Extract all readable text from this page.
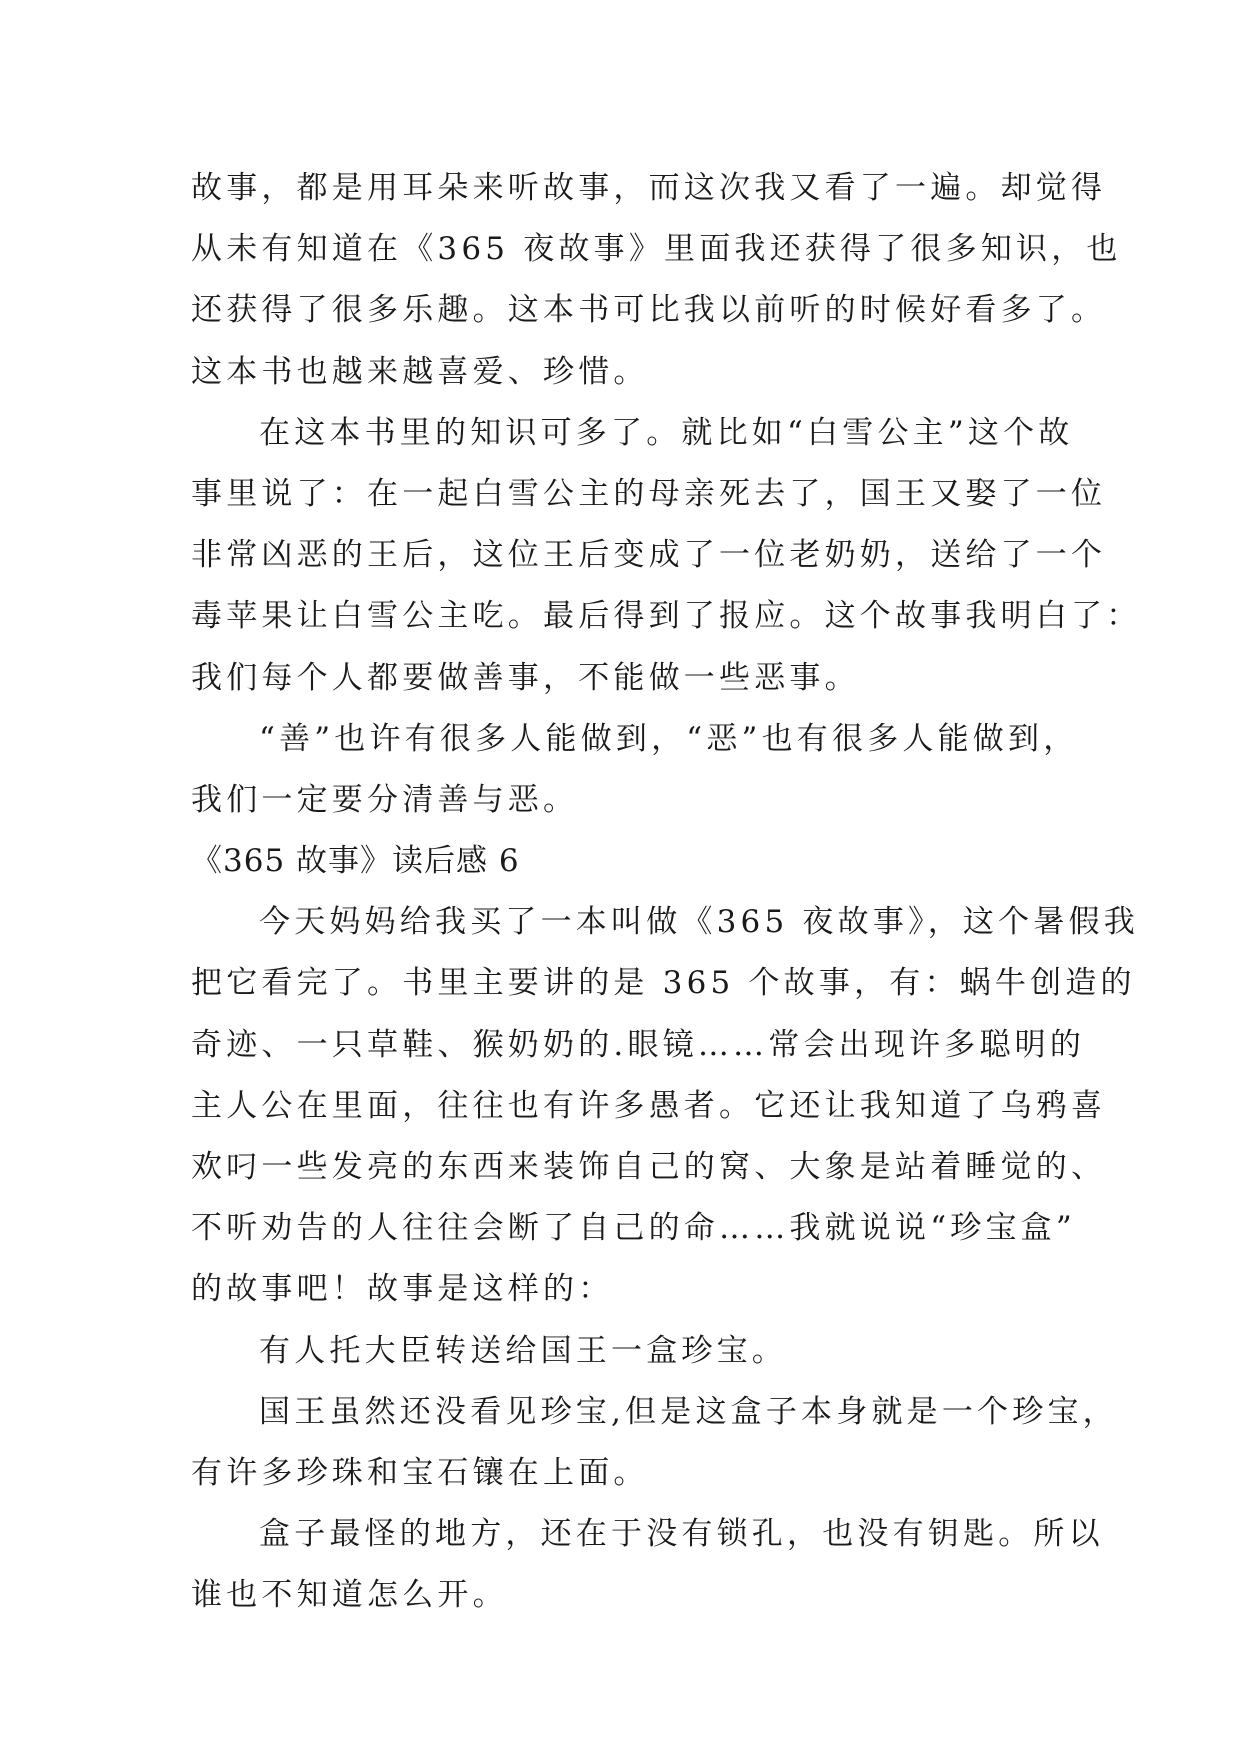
故事，都是用耳朵来听故事，而这次我又看了一遍。却觉得
从未有知道在《365 夜故事》里面我还获得了很多知识，也
还获得了很多乐趣。这本书可比我以前听的时候好看多了。
这本书也越来越喜爱、珍惜。
在这本书里的知识可多了。就比如“白雪公主”这个故
事里说了：在一起白雪公主的母亲死去了，国王又娶了一位
非常凶恶的王后，这位王后变成了一位老奶奶，送给了一个
毒苹果让白雪公主吃。最后得到了报应。这个故事我明白了：
我们每个人都要做善事，不能做一些恶事。
“善”也许有很多人能做到，“恶”也有很多人能做到，
我们一定要分清善与恶。
《365 故事》读后感 6
今天妈妈给我买了一本叫做《365 夜故事》，这个暑假我
把它看完了。书里主要讲的是 365 个故事，有：蜗牛创造的
奇迹、一只草鞋、猴奶奶的.眼镜……常会出现许多聪明的
主人公在里面，往往也有许多愚者。它还让我知道了乌鸦喜
欢叼一些发亮的东西来装饰自己的窝、大象是站着睡觉的、
不听劝告的人往往会断了自己的命……我就说说“珍宝盒”
的故事吧！故事是这样的：
有人托大臣转送给国王一盒珍宝。
国王虽然还没看见珍宝,但是这盒子本身就是一个珍宝，
有许多珍珠和宝石镶在上面。
盒子最怪的地方，还在于没有锁孔，也没有钥匙。所以
谁也不知道怎么开。
